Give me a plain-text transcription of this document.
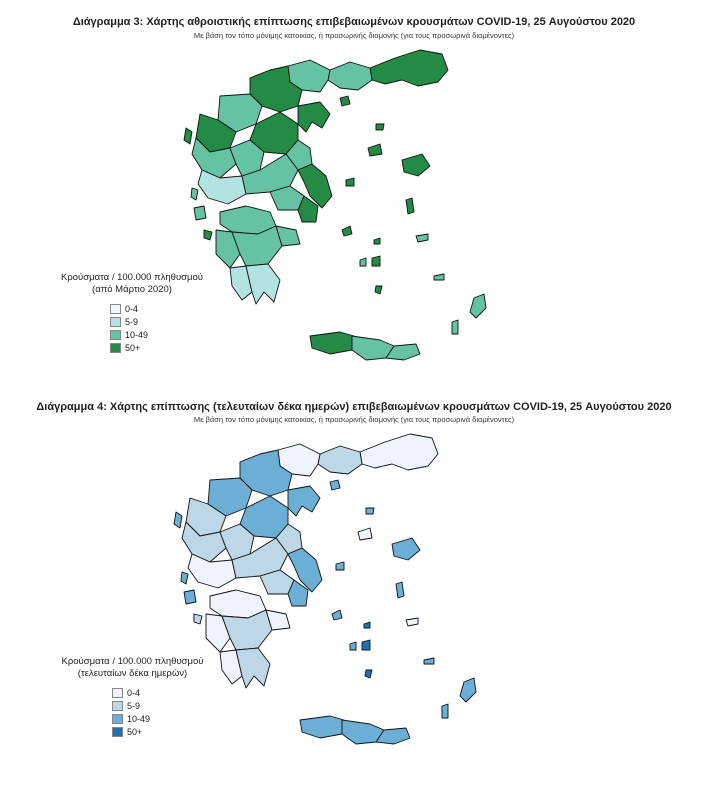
Διάγραμμα 3: Χάρτης αθροιστικής επίπτωσης επιβεβαιωμένων κρουσμάτων COVID-19, 25 Αυγούστου 2020
Με βάση τον τόπο μόνιμης κατοικίας, ή προσωρινής διαμονής (για τους προσωρινά διαμένοντες)
Κρούσματα / 100.000 πληθυσμού
(από Μάρτιο 2020)
0-4
5-9
10-49
50+
Διάγραμμα 4: Χάρτης επίπτωσης (τελευταίων δέκα ημερών) επιβεβαιωμένων κρουσμάτων COVID-19, 25 Αυγούστου 2020
Με βάση τον τόπο μόνιμης κατοικίας, ή προσωρινής διαμονής (για τους προσωρινά διαμένοντες)
Κρούσματα / 100.000 πληθυσμού
(τελευταίων δέκα ημερών)
0-4
5-9
10-49
50+
